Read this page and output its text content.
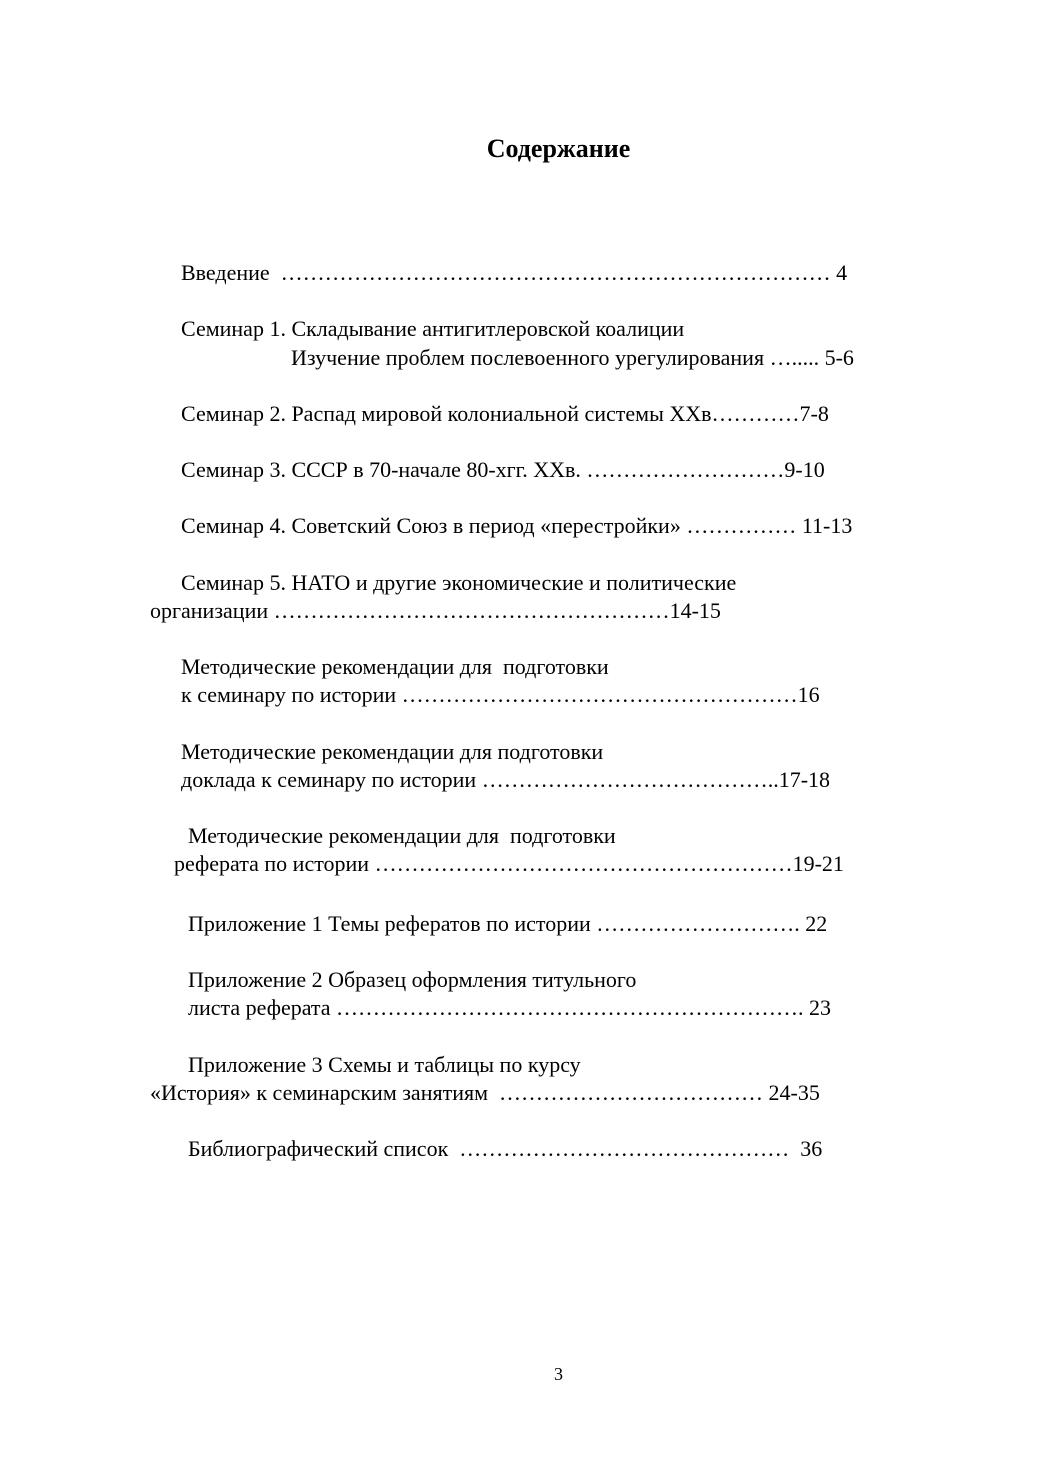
Содержание
Введение  ………………………………………………………………… 4
Семинар 1. Складывание антигитлеровской коалиции
Изучение проблем послевоенного урегулирования …..... 5-6
Семинар 2. Распад мировой колониальной системы XXв…………7-8
Семинар 3. СССР в 70-начале 80-хгг. XXв. ………………………9-10
Семинар 4. Советский Союз в период «перестройки» …………… 11-13
Семинар 5. НАТО и другие экономические и политические
организации ………………………………………………14-15
Методические рекомендации для  подготовки
к семинару по истории ………………………………………………16
Методические рекомендации для подготовки
доклада к семинару по истории …………………………………..17-18
Методические рекомендации для  подготовки
реферата по истории …………………………………………………19-21
Приложение 1 Темы рефератов по истории ………………………. 22
Приложение 2 Образец оформления титульного
листа реферата ………………………………………………………. 23
Приложение 3 Схемы и таблицы по курсу
«История» к семинарским занятиям  ……………………………… 24-35
Библиографический список  ………………………………………  36
3
